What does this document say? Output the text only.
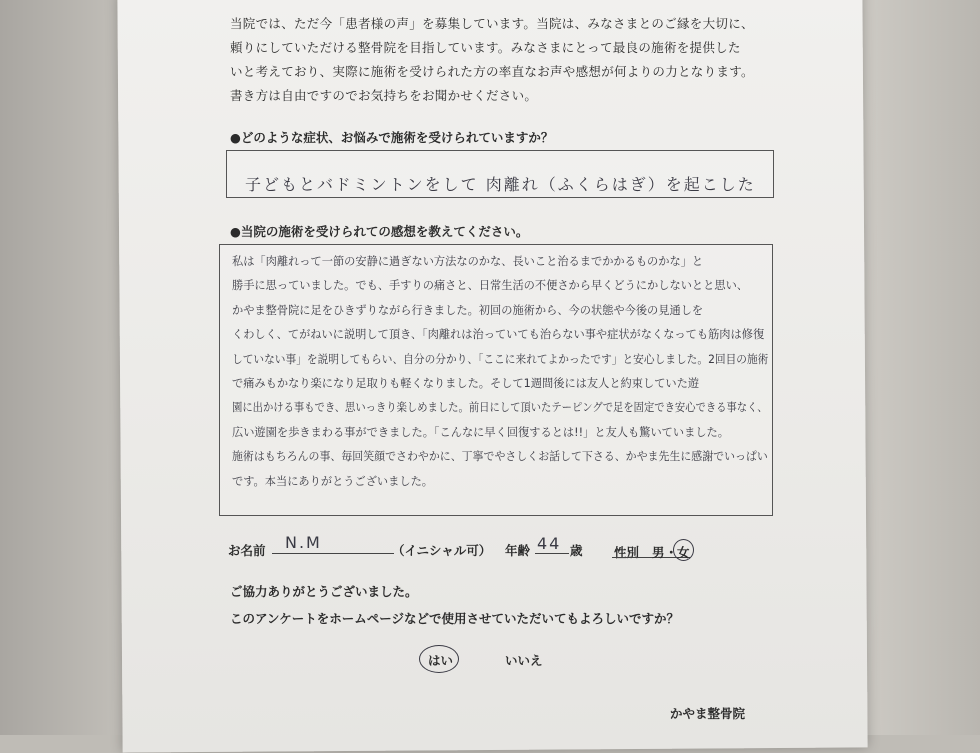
当院では、ただ今「患者様の声」を募集しています。当院は、みなさまとのご縁を大切に、

頼りにしていただける整骨院を目指しています。みなさまにとって最良の施術を提供した

いと考えており、実際に施術を受けられた方の率直なお声や感想が何よりの力となります。

書き方は自由ですのでお気持ちをお聞かせください。

●どのような症状、お悩みで施術を受けられていますか？
子どもとバドミントンをして 肉離れ（ふくらはぎ）を起こした
●当院の施術を受けられての感想を教えてください。
私は「肉離れって一節の安静に過ぎない方法なのかな、長いこと治るまでかかるものかな」と
勝手に思っていました。でも、手すりの痛さと、日常生活の不便さから早くどうにかしないとと思い、
かやま整骨院に足をひきずりながら行きました。初回の施術から、今の状態や今後の見通しを
くわしく、てがねいに説明して頂き、「肉離れは治っていても治らない事や症状がなくなっても筋肉は修復
していない事」を説明してもらい、自分の分かり、「ここに来れてよかったです」と安心しました。2回目の施術
で痛みもかなり楽になり足取りも軽くなりました。そして1週間後には友人と約束していた遊
園に出かける事もでき、思いっきり楽しめました。前日にして頂いたテーピングで足を固定でき安心できる事なく、
広い遊園を歩きまわる事ができました。「こんなに早く回復するとは!!」と友人も驚いていました。
施術はもちろんの事、毎回笑顔でさわやかに、丁寧でやさしくお話して下さる、かやま先生に感謝でいっぱい
です。本当にありがとうございました。
お名前 N.M	（イニシャル可） 年齢 44 歳	性別 男 ・ 女
ご協力ありがとうございました。
このアンケートをホームページなどで使用させていただいてもよろしいですか？
はい	いいえ
かやま整骨院
